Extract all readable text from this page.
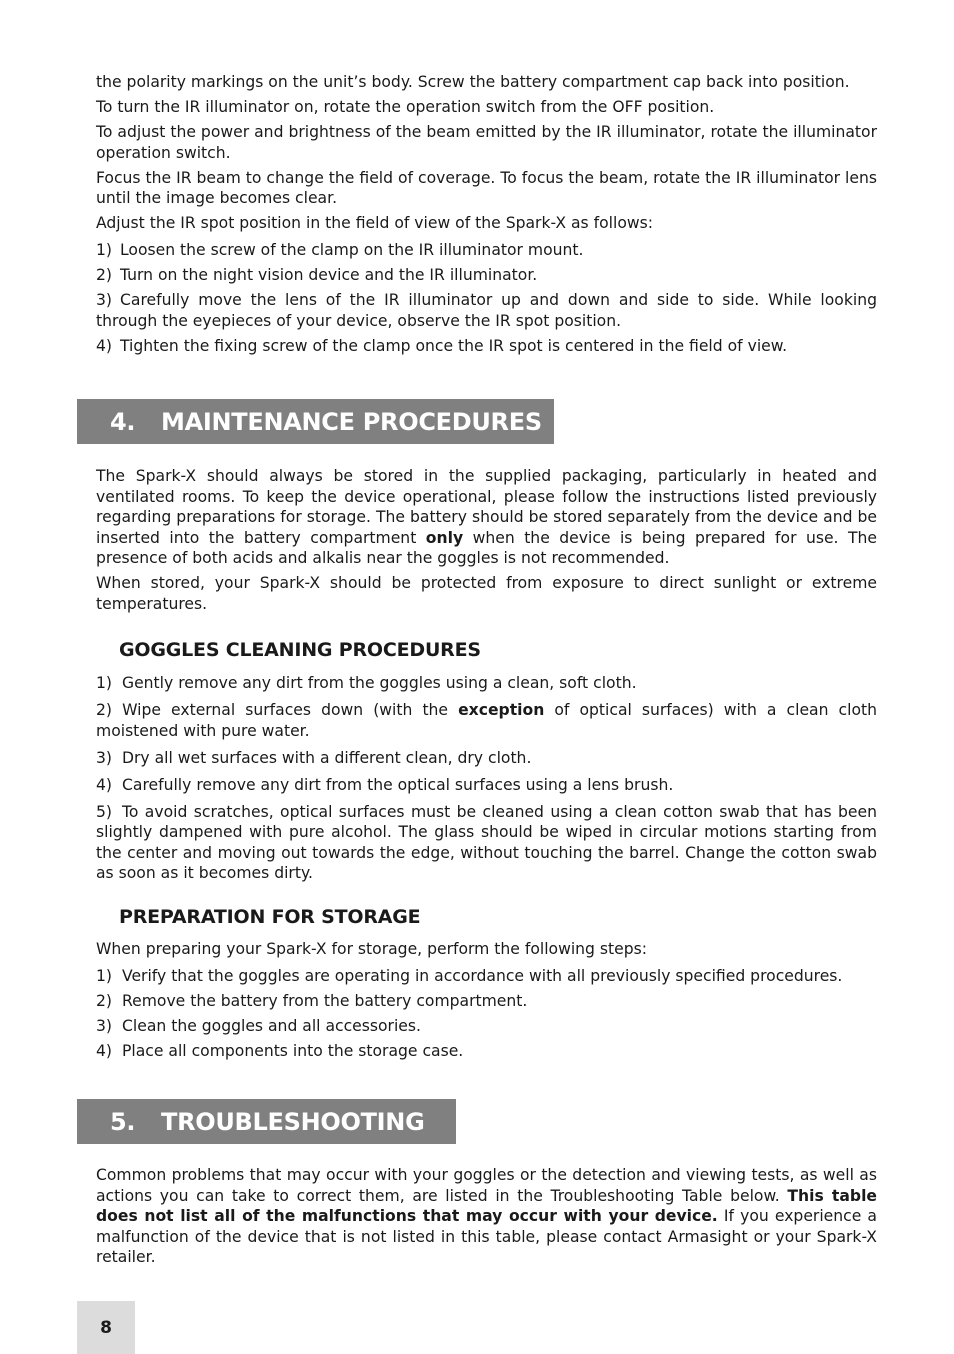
the polarity markings on the unit’s body. Screw the battery compartment cap back into position.

To turn the IR illuminator on, rotate the operation switch from the OFF position.

To adjust the power and brightness of the beam emitted by the IR illuminator, rotate the illuminator operation switch.

Focus the IR beam to change the field of coverage. To focus the beam, rotate the IR illuminator lens until the image becomes clear.

Adjust the IR spot position in the field of view of the Spark-X as follows:

1) Loosen the screw of the clamp on the IR illuminator mount.
2) Turn on the night vision device and the IR illuminator.
3) Carefully move the lens of the IR illuminator up and down and side to side. While looking through the eyepieces of your device, observe the IR spot position.
4) Tighten the fixing screw of the clamp once the IR spot is centered in the field of view.
4.	MAINTENANCE PROCEDURES

The Spark-X should always be stored in the supplied packaging, particularly in heated and ventilated rooms. To keep the device operational, please follow the instructions listed previously regarding preparations for storage. The battery should be stored separately from the device and be inserted into the battery compartment only when the device is being prepared for use. The presence of both acids and alkalis near the goggles is not recommended.

When stored, your Spark-X should be protected from exposure to direct sunlight or extreme temperatures.

GOGGLES CLEANING PROCEDURES
1) Gently remove any dirt from the goggles using a clean, soft cloth.

2) Wipe external surfaces down (with the exception of optical surfaces) with a clean cloth moistened with pure water.

3) Dry all wet surfaces with a different clean, dry cloth.
4) Carefully remove any dirt from the optical surfaces using a lens brush.

5) To avoid scratches, optical surfaces must be cleaned using a clean cotton swab that has been slightly dampened with pure alcohol. The glass should be wiped in circular motions starting from the center and moving out towards the edge, without touching the barrel. Change the cotton swab as soon as it becomes dirty.

PREPARATION FOR STORAGE

When preparing your Spark-X for storage, perform the following steps:

1) Verify that the goggles are operating in accordance with all previously specified procedures.
2) Remove the battery from the battery compartment.
3) Clean the goggles and all accessories.
4) Place all components into the storage case.
5.	TROUBLESHOOTING

Common problems that may occur with your goggles or the detection and viewing tests, as well as actions you can take to correct them, are listed in the Troubleshooting Table below. This table does not list all of the malfunctions that may occur with your device. If you experience a malfunction of the device that is not listed in this table, please contact Armasight or your Spark-X retailer.

8
